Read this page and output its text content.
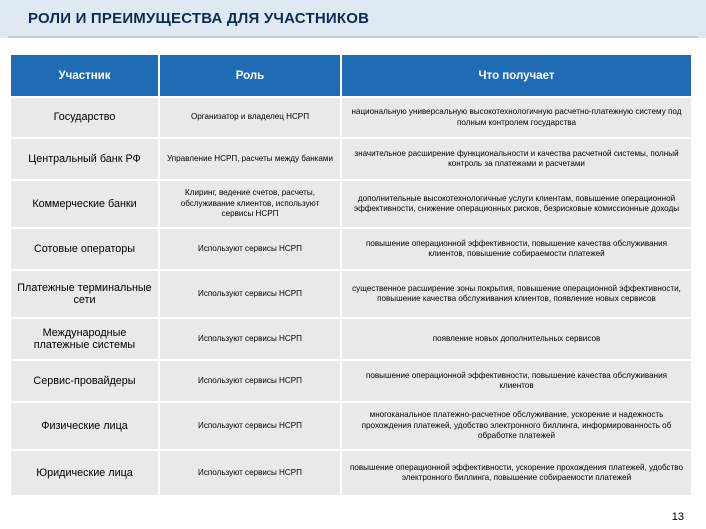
РОЛИ И ПРЕИМУЩЕСТВА ДЛЯ УЧАСТНИКОВ
Участник	Роль	Что получает
Государство	Организатор и владелец НСРП	национальную универсальную высокотехнологичную расчетно-платежную систему под полным контролем государства
Центральный банк РФ	Управление НСРП, расчеты между банками	значительное расширение функциональности и качества расчетной системы, полный контроль за платежами и расчетами
Коммерческие банки	Клиринг, ведение счетов, расчеты, обслуживание клиентов, используют сервисы НСРП	дополнительные высокотехнологичные услуги клиентам, повышение операционной эффективности, снижение операционных рисков, безрисковые комиссионные доходы
Сотовые операторы	Используют сервисы НСРП	повышение операционной эффективности, повышение качества обслуживания клиентов, повышение собираемости платежей
Платежные терминальные сети	Используют сервисы НСРП	существенное расширение зоны покрытия, повышение операционной эффективности, повышение качества обслуживания клиентов, появление новых сервисов
Международные платежные системы	Используют сервисы НСРП	появление новых дополнительных сервисов
Сервис-провайдеры	Используют сервисы НСРП	повышение операционной эффективности, повышение качества обслуживания клиентов
Физические лица	Используют сервисы НСРП	многоканальное платежно-расчетное обслуживание, ускорение и надежность прохождения платежей, удобство электронного биллинга, информированность об обработке платежей
Юридические лица	Используют сервисы НСРП	повышение операционной эффективности, ускорение прохождения платежей, удобство электронного биллинга, повышение собираемости платежей
13
